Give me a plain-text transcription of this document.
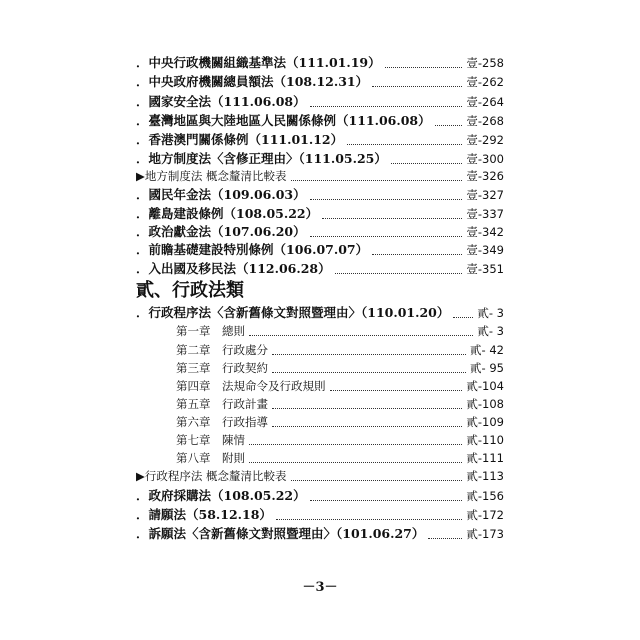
．中央行政機關組織基準法（111.01.19）	壹-258
．中央政府機關總員額法（108.12.31）	壹-262
．國家安全法（111.06.08）	壹-264
．臺灣地區與大陸地區人民關係條例（111.06.08）	壹-268
．香港澳門關係條例（111.01.12）	壹-292
．地方制度法〈含修正理由〉（111.05.25）	壹-300
▶地方制度法 概念釐清比較表	壹-326
．國民年金法（109.06.03）	壹-327
．離島建設條例（108.05.22）	壹-337
．政治獻金法（107.06.20）	壹-342
．前瞻基礎建設特別條例（106.07.07）	壹-349
．入出國及移民法（112.06.28）	壹-351
貳、行政法類
．行政程序法〈含新舊條文對照暨理由〉（110.01.20） 貳- 3
第一章　總則	貳- 3
第二章　行政處分	貳- 42
第三章　行政契約	貳- 95
第四章　法規命令及行政規則	貳-104
第五章　行政計畫	貳-108
第六章　行政指導	貳-109
第七章　陳情	貳-110
第八章　附則	貳-111
▶行政程序法 概念釐清比較表	貳-113
．政府採購法（108.05.22）	貳-156
．請願法（58.12.18）	貳-172
．訴願法〈含新舊條文對照暨理由〉（101.06.27）	貳-173
－3－
